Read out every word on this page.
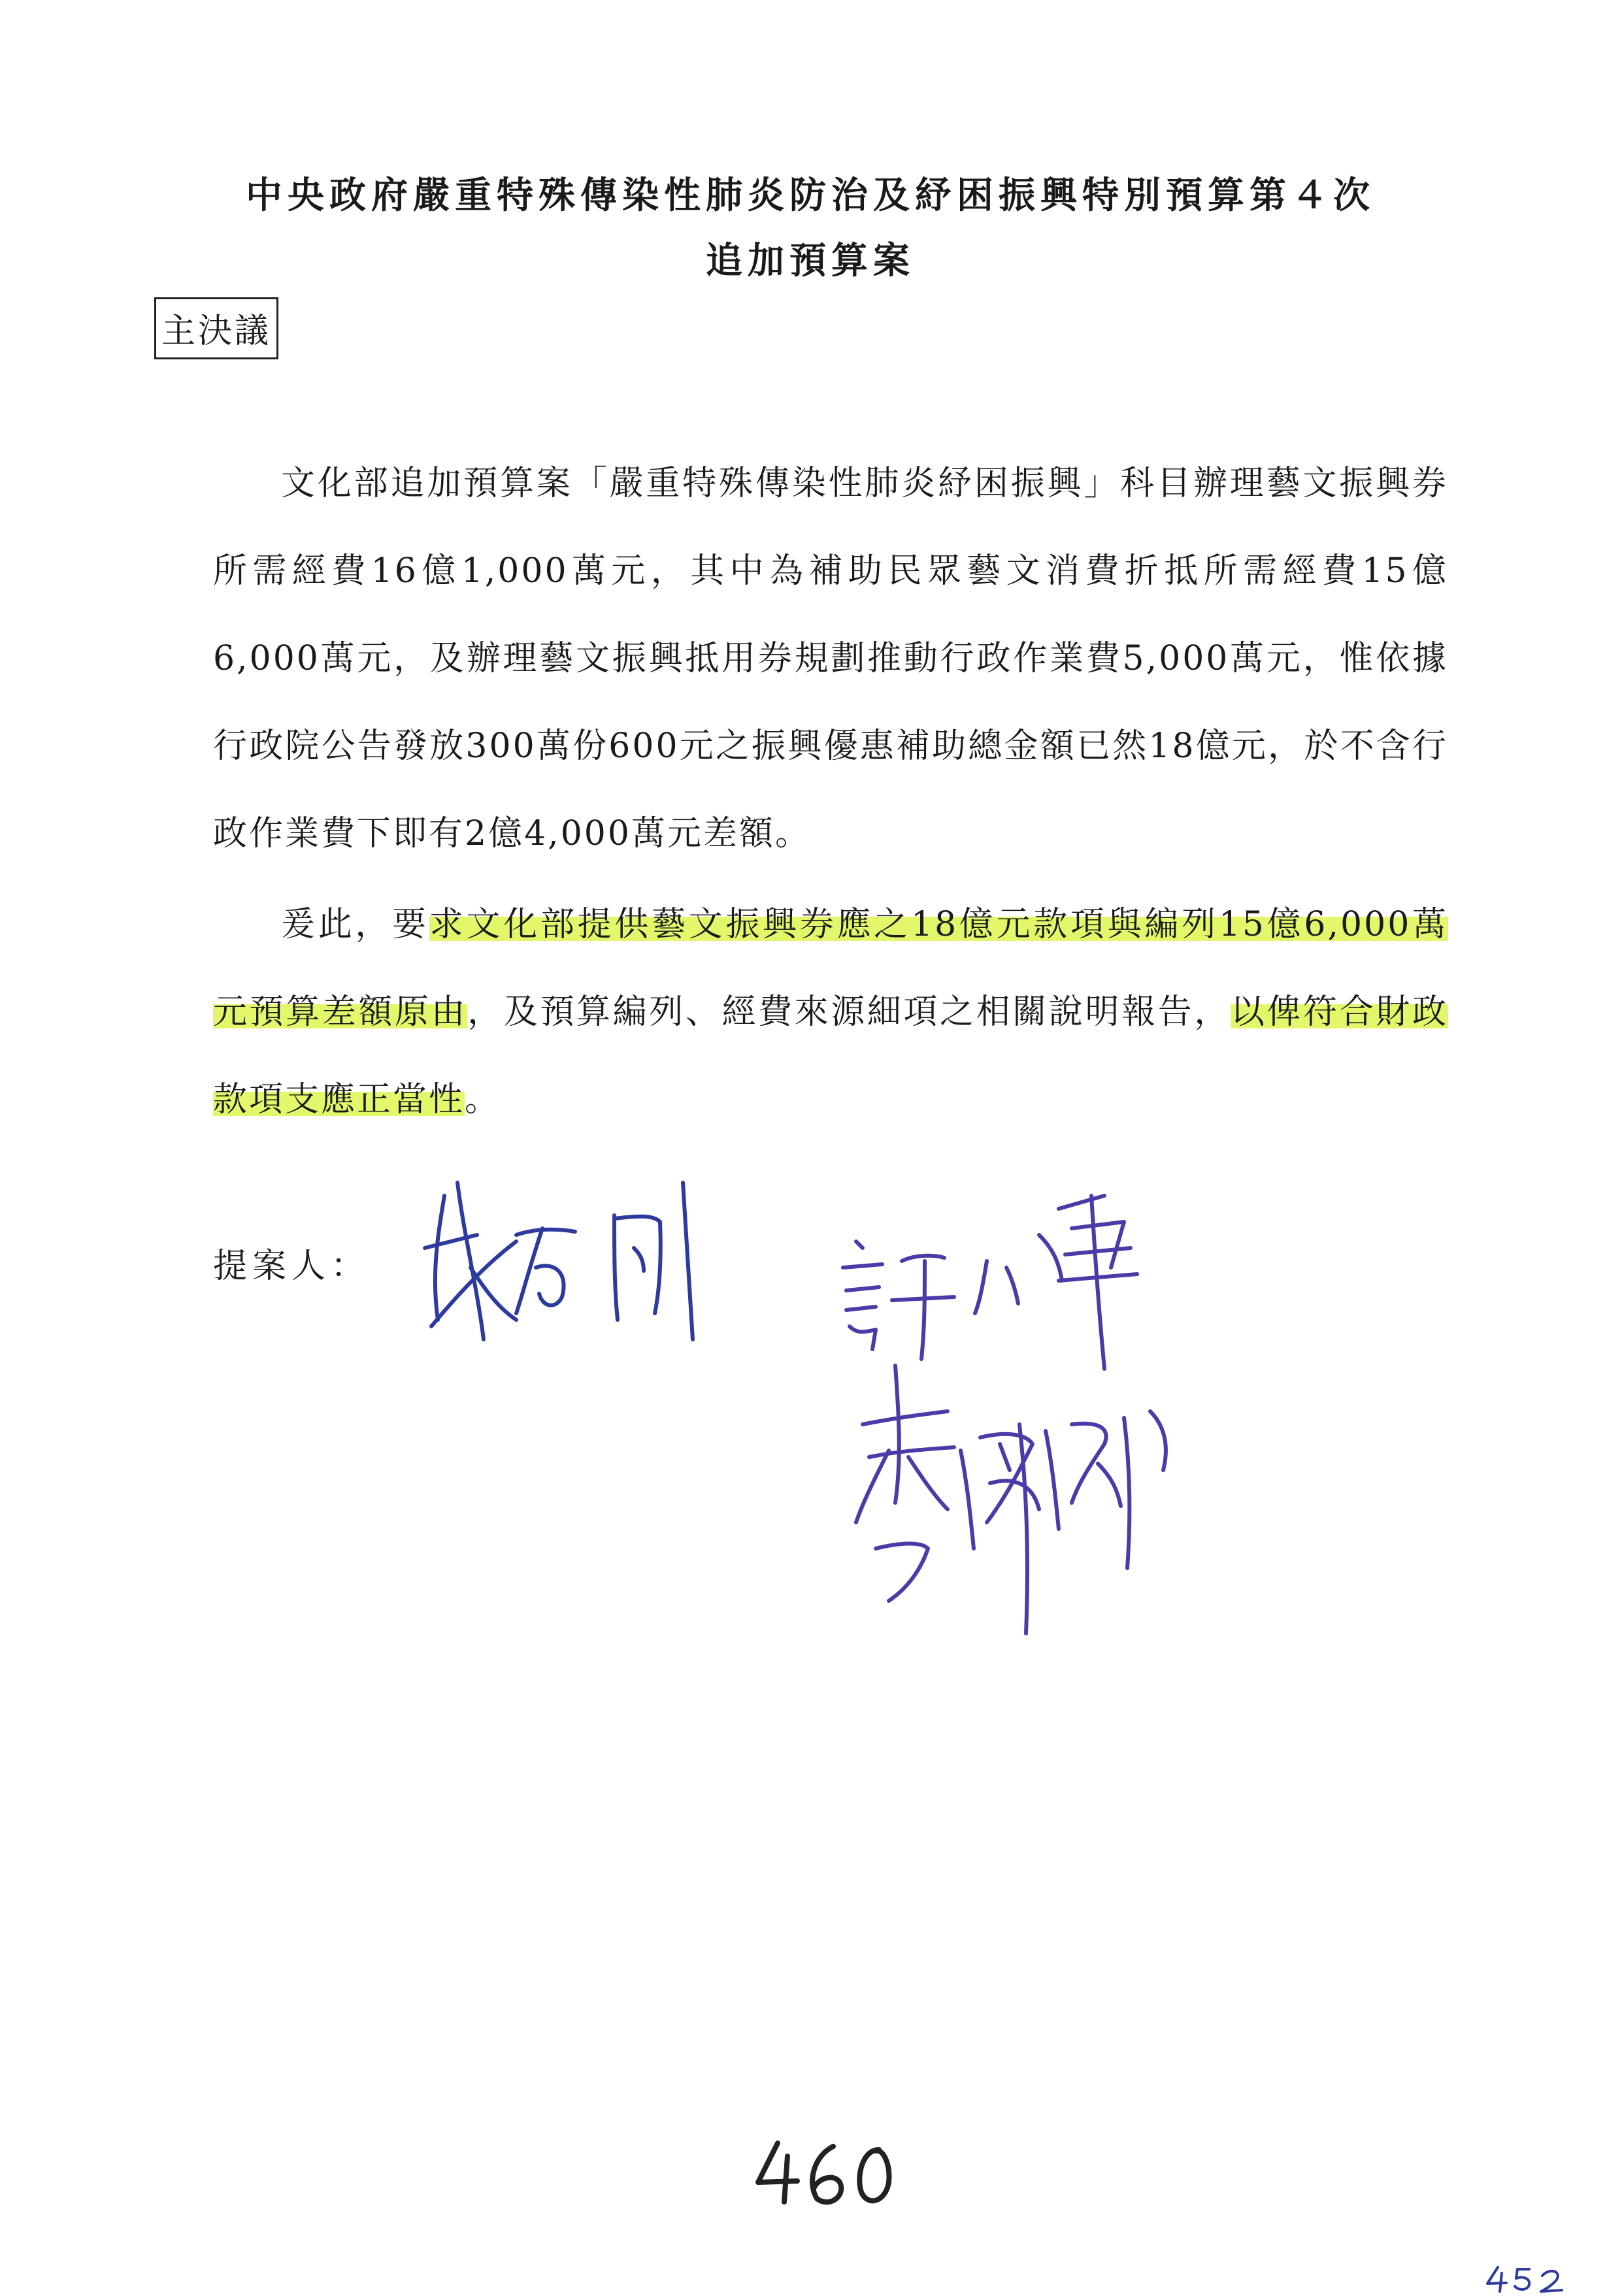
中央政府嚴重特殊傳染性肺炎防治及紓困振興特別預算第４次
追加預算案
主決議

文化部追加預算案「嚴重特殊傳染性肺炎紓困振興」科目辦理藝文振興券所需經費16億1,000萬元，其中為補助民眾藝文消費折抵所需經費15億6,000萬元，及辦理藝文振興抵用券規劃推動行政作業費5,000萬元，惟依據行政院公告發放300萬份600元之振興優惠補助總金額已然18億元，於不含行政作業費下即有2億4,000萬元差額。

爰此，要求文化部提供藝文振興券應之18億元款項與編列15億6,000萬元預算差額原由，及預算編列、經費來源細項之相關說明報告，以俾符合財政款項支應正當性。

提案人：
